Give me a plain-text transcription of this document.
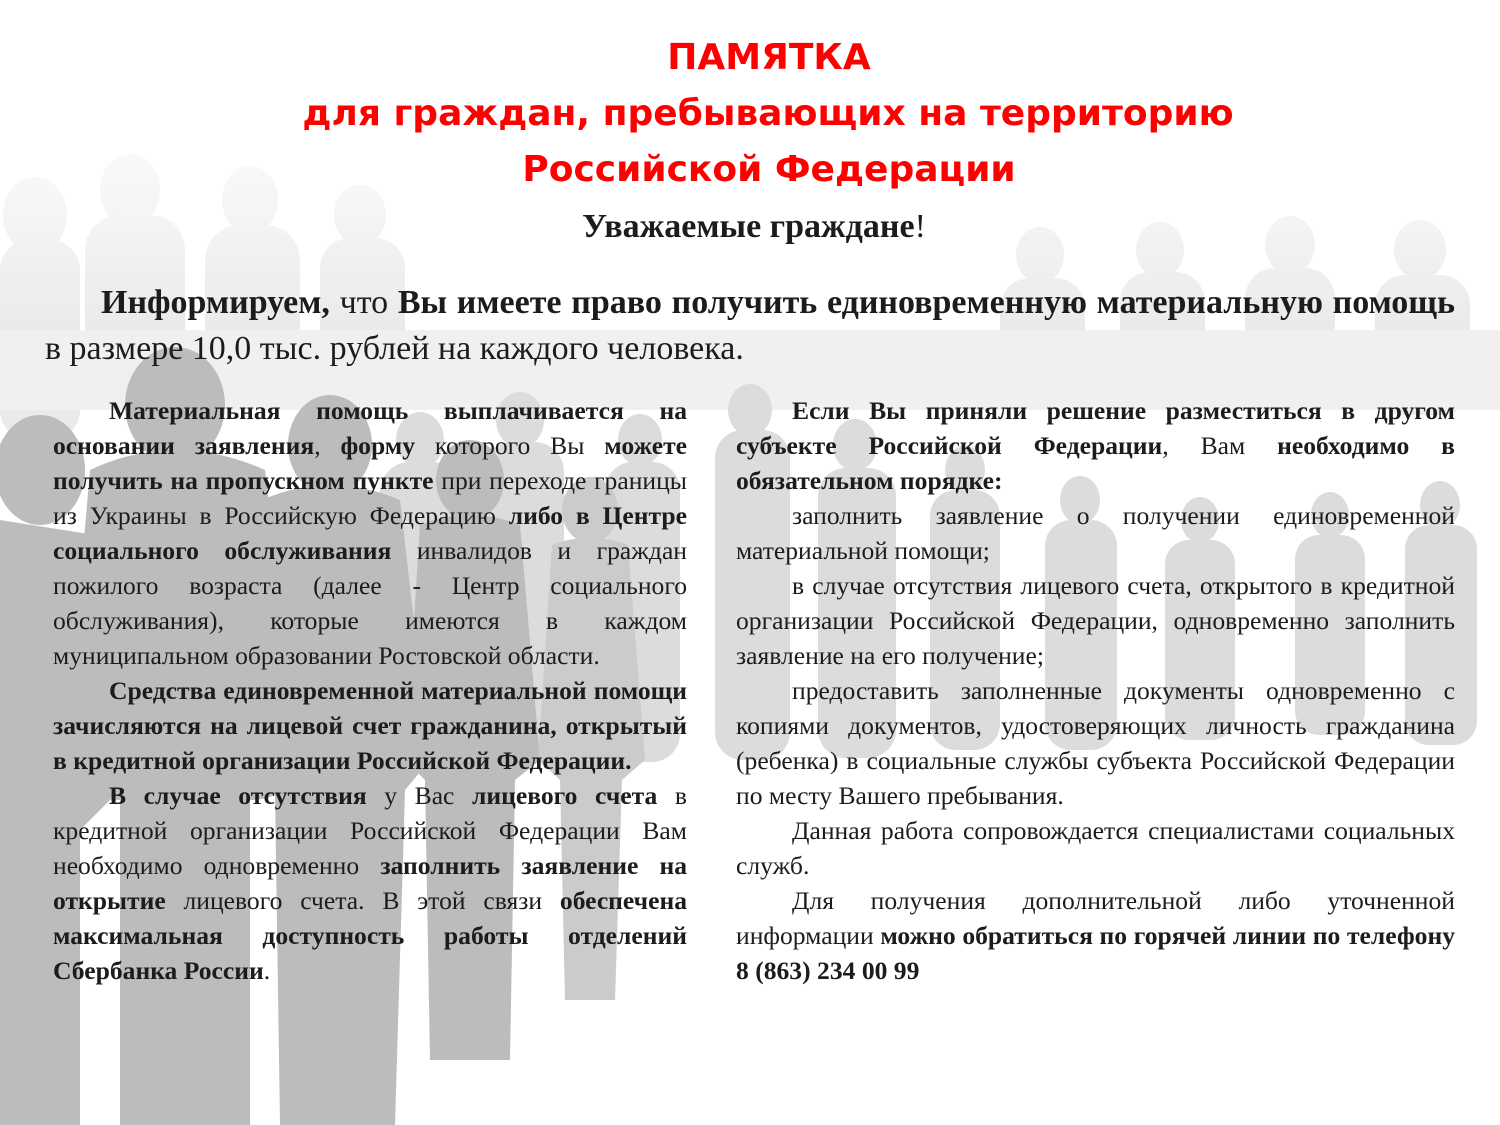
ПАМЯТКА
для граждан, пребывающих на территорию
Российской Федерации
Уважаемые граждане!
Информируем, что Вы имеете право получить единовременную материальную помощь в размере 10,0 тыс. рублей на каждого человека.

Материальная помощь выплачивается на основании заявления, форму которого Вы можете получить на пропускном пункте при переходе границы из Украины в Российскую Федерацию либо в Центре социального обслуживания инвалидов и граждан пожилого возраста (далее - Центр социального обслуживания), которые имеются в каждом муниципальном образовании Ростовской области.

Средства единовременной материальной помощи зачисляются на лицевой счет гражданина, открытый в кредитной организации Российской Федерации.

В случае отсутствия у Вас лицевого счета в кредитной организации Российской Федерации Вам необходимо одновременно заполнить заявление на открытие лицевого счета. В этой связи обеспечена максимальная доступность работы отделений Сбербанка России.

Если Вы приняли решение разместиться в другом субъекте Российской Федерации, Вам необходимо в обязательном порядке:

заполнить заявление о получении единовременной материальной помощи;

в случае отсутствия лицевого счета, открытого в кредитной организации Российской Федерации, одновременно заполнить заявление на его получение;

предоставить заполненные документы одновременно с копиями документов, удостоверяющих личность гражданина (ребенка) в социальные службы субъекта Российской Федерации по месту Вашего пребывания.

Данная работа сопровождается специалистами социальных служб.

Для получения дополнительной либо уточненной информации можно обратиться по горячей линии по телефону 8 (863) 234 00 99
